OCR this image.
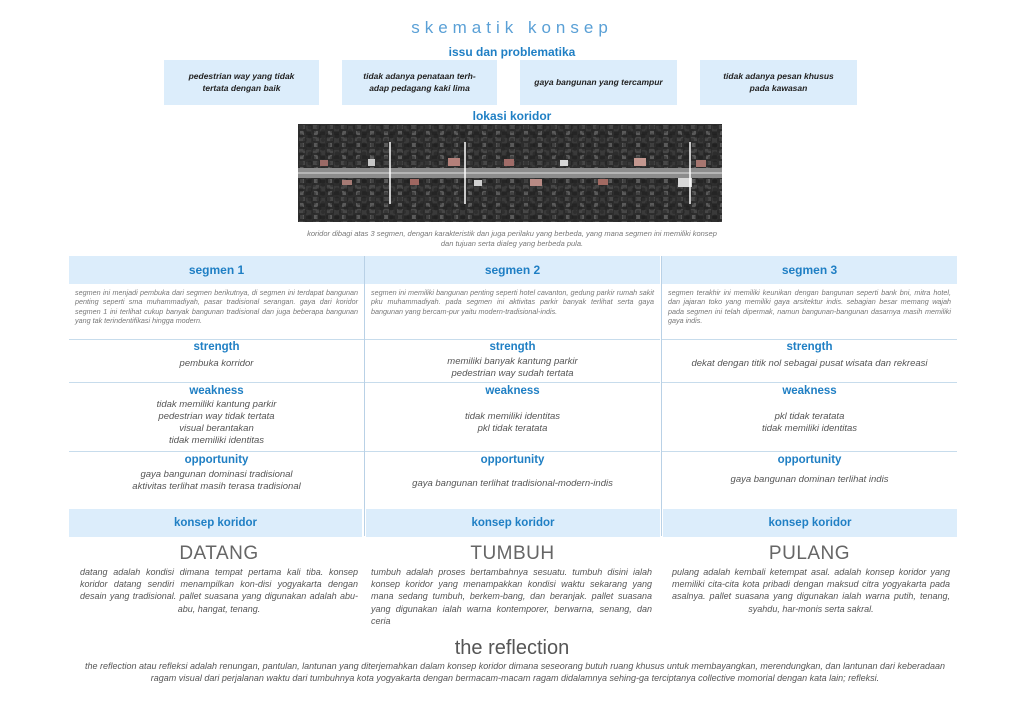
skematik konsep
issu dan problematika
pedestrian way yang tidak tertata dengan baik
tidak adanya penataan terh-adap pedagang kaki lima
gaya bangunan yang tercampur
tidak adanya pesan khusus pada kawasan
lokasi koridor
koridor dibagi atas 3 segmen, dengan karakteristik dan juga perilaku yang berbeda, yang mana segmen ini memiliki konsep dan tujuan serta dialeg yang berbeda pula.
segmen 1
segmen ini menjadi pembuka dari segmen berikutnya, di segmen ini terdapat bangunan penting seperti sma muhammadiyah, pasar tradisional serangan. gaya dari koridor segmen 1 ini terlihat cukup banyak bangunan tradisional dan juga beberapa bangunan yang tak terindentifikasi hingga modern.
strength
pembuka korridor
weakness
tidak memiliki kantung parkir
pedestrian way tidak tertata
visual berantakan
tidak memiliki identitas
opportunity
gaya bangunan dominasi tradisional
aktivitas terlihat masih terasa tradisional
segmen 2
segmen ini memiliki bangunan penting seperti hotel cavanton, gedung parkir rumah sakit pku muhammadiyah. pada segmen ini aktivitas parkir banyak terlihat serta gaya bangunan yang bercam-pur yaitu modern-tradisional-indis.
strength
memiliki banyak kantung parkir
pedestrian way sudah tertata
weakness
tidak memiliki identitas
pkl tidak teratata
opportunity
gaya bangunan terlihat tradisional-modern-indis
segmen 3
segmen terakhir ini memiliki keunikan dengan bangunan seperti bank bni, mitra hotel, dan jajaran toko yang memiliki gaya arsitektur indis. sebagian besar memang wajah pada segmen ini telah dipermak, namun bangunan-bangunan dasarnya masih memiliki gaya indis.
strength
dekat dengan titik nol sebagai pusat wisata dan rekreasi
weakness
pkl tidak teratata
tidak memiliki identitas
opportunity
gaya bangunan dominan terlihat indis
konsep koridor	konsep koridor	konsep koridor
DATANG
datang adalah kondisi dimana tempat pertama kali tiba. konsep koridor datang sendiri menampilkan kon-disi yogyakarta dengan desain yang tradisional. pallet suasana yang digunakan adalah abu-abu, hangat, tenang.
TUMBUH
tumbuh adalah proses bertambahnya sesuatu. tumbuh disini ialah konsep koridor yang menampakkan kondisi waktu sekarang yang mana sedang tumbuh, berkem-bang, dan beranjak. pallet suasana yang digunakan ialah warna kontemporer, berwarna, senang, dan ceria
PULANG
pulang adalah kembali ketempat asal. adalah konsep koridor yang memiliki cita-cita kota pribadi dengan maksud citra yogyakarta pada asalnya. pallet suasana yang digunakan ialah warna putih, tenang, syahdu, har-monis serta sakral.
the reflection
the reflection atau refleksi adalah renungan, pantulan, lantunan yang diterjemahkan dalam konsep koridor dimana seseorang butuh ruang khusus untuk membayangkan, merendungkan, dan lantunan dari keberadaan ragam visual dari perjalanan waktu dari tumbuhnya kota yogyakarta dengan bermacam-macam ragam didalamnya sehing-ga terciptanya collective momorial dengan kata lain; refleksi.
